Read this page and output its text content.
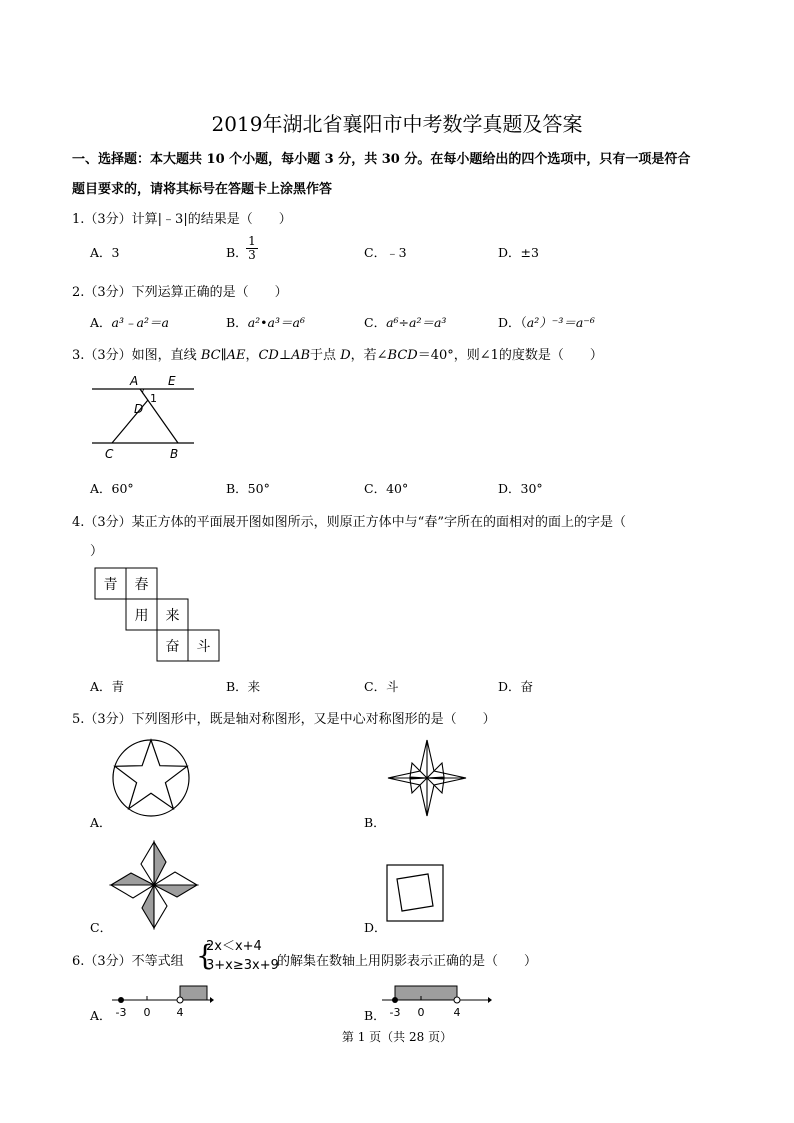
2019年湖北省襄阳市中考数学真题及答案
一、选择题：本大题共 10 个小题，每小题 3 分，共 30 分。在每小题给出的四个选项中，只有一项是符合
题目要求的，请将其标号在答题卡上涂黑作答
1.（3分）计算|﹣3|的结果是（　　）
A．3	B．
$\frac{1}{3}$	C．﹣3	D．±3
2.（3分）下列运算正确的是（　　）
A．a³﹣a²＝a	B．a²•a³＝a⁶	C．a⁶÷a²＝a³	D．（a²）⁻³＝a⁻⁶
3.（3分）如图，直线 BC∥AE，CD⊥AB于点 D，若∠BCD＝40°，则∠1的度数是（　　）
A E
1
D
C	B
A．60°	B．50°	C．40°	D．30°
4.（3分）某正方体的平面展开图如图所示，则原正方体中与“春”字所在的面相对的面上的字是（
）
青 春
用 来
奋 斗
A．青	B．来	C．斗	D．奋
5.（3分）下列图形中，既是轴对称图形，又是中心对称图形的是（　　）
A．	B．
C．	D．
6.（3分）不等式组 {
2x＜x+4
3+x≥3x+9
的解集在数轴上用阴影表示正确的是（　　）
A． -3 0 4	B． -3 0	4
第 1 页（共 28 页）
